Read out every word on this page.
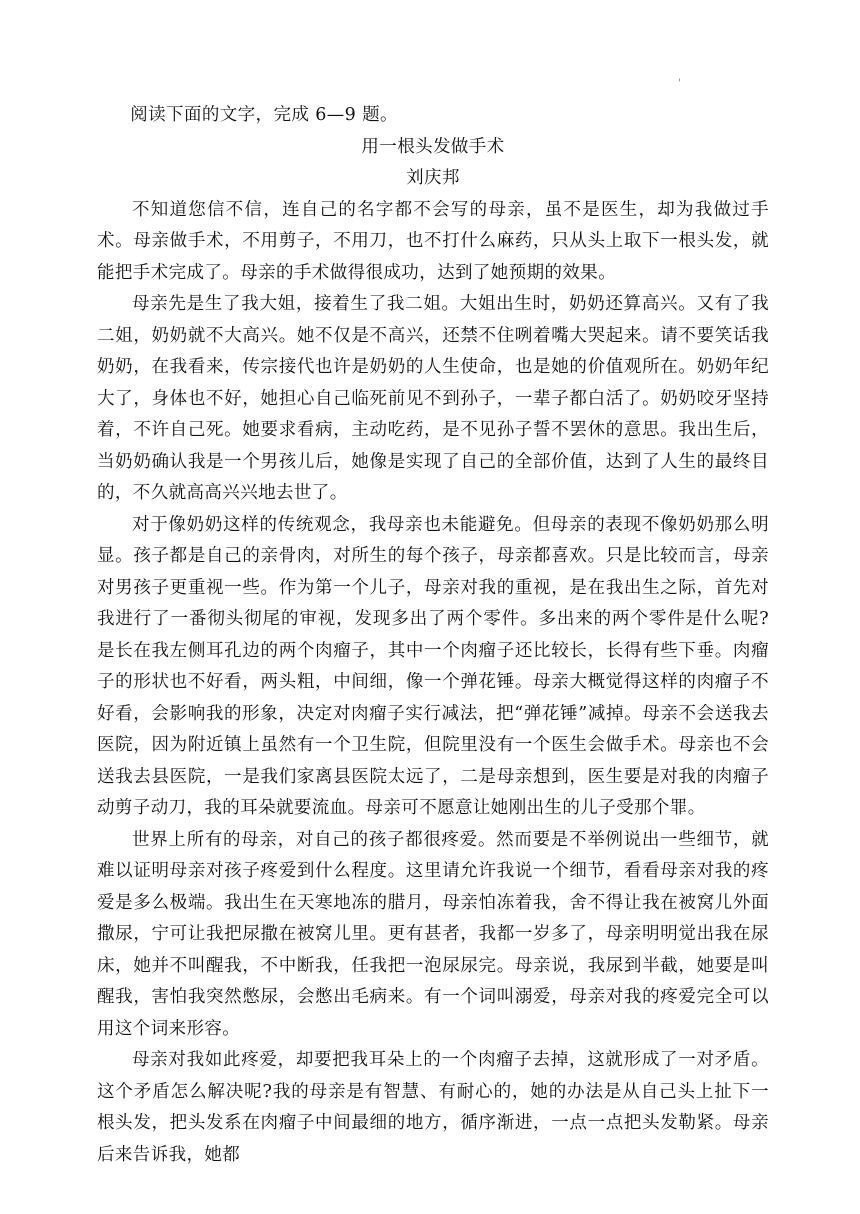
'

阅读下面的文字，完成 6—9 题。

用一根头发做手术

刘庆邦

不知道您信不信，连自己的名字都不会写的母亲，虽不是医生，却为我做过手术。母亲做手术，不用剪子，不用刀，也不打什么麻药，只从头上取下一根头发，就能把手术完成了。母亲的手术做得很成功，达到了她预期的效果。

母亲先是生了我大姐，接着生了我二姐。大姐出生时，奶奶还算高兴。又有了我二姐，奶奶就不大高兴。她不仅是不高兴，还禁不住咧着嘴大哭起来。请不要笑话我奶奶，在我看来，传宗接代也许是奶奶的人生使命，也是她的价值观所在。奶奶年纪大了，身体也不好，她担心自己临死前见不到孙子，一辈子都白活了。奶奶咬牙坚持着，不许自己死。她要求看病，主动吃药，是不见孙子誓不罢休的意思。我出生后，当奶奶确认我是一个男孩儿后，她像是实现了自己的全部价值，达到了人生的最终目的，不久就高高兴兴地去世了。

对于像奶奶这样的传统观念，我母亲也未能避免。但母亲的表现不像奶奶那么明显。孩子都是自己的亲骨肉，对所生的每个孩子，母亲都喜欢。只是比较而言，母亲对男孩子更重视一些。作为第一个儿子，母亲对我的重视，是在我出生之际，首先对我进行了一番彻头彻尾的审视，发现多出了两个零件。多出来的两个零件是什么呢?是长在我左侧耳孔边的两个肉瘤子，其中一个肉瘤子还比较长，长得有些下垂。肉瘤子的形状也不好看，两头粗，中间细，像一个弹花锤。母亲大概觉得这样的肉瘤子不好看，会影响我的形象，决定对肉瘤子实行减法，把“弹花锤”减掉。母亲不会送我去医院，因为附近镇上虽然有一个卫生院，但院里没有一个医生会做手术。母亲也不会送我去县医院，一是我们家离县医院太远了，二是母亲想到，医生要是对我的肉瘤子动剪子动刀，我的耳朵就要流血。母亲可不愿意让她刚出生的儿子受那个罪。

世界上所有的母亲，对自己的孩子都很疼爱。然而要是不举例说出一些细节，就难以证明母亲对孩子疼爱到什么程度。这里请允许我说一个细节，看看母亲对我的疼爱是多么极端。我出生在天寒地冻的腊月，母亲怕冻着我，舍不得让我在被窝儿外面撒尿，宁可让我把尿撒在被窝儿里。更有甚者，我都一岁多了，母亲明明觉出我在尿床，她并不叫醒我，不中断我，任我把一泡尿尿完。母亲说，我尿到半截，她要是叫醒我，害怕我突然憋尿，会憋出毛病来。有一个词叫溺爱，母亲对我的疼爱完全可以用这个词来形容。

母亲对我如此疼爱，却要把我耳朵上的一个肉瘤子去掉，这就形成了一对矛盾。这个矛盾怎么解决呢?我的母亲是有智慧、有耐心的，她的办法是从自己头上扯下一根头发，把头发系在肉瘤子中间最细的地方，循序渐进，一点一点把头发勒紧。母亲后来告诉我，她都
